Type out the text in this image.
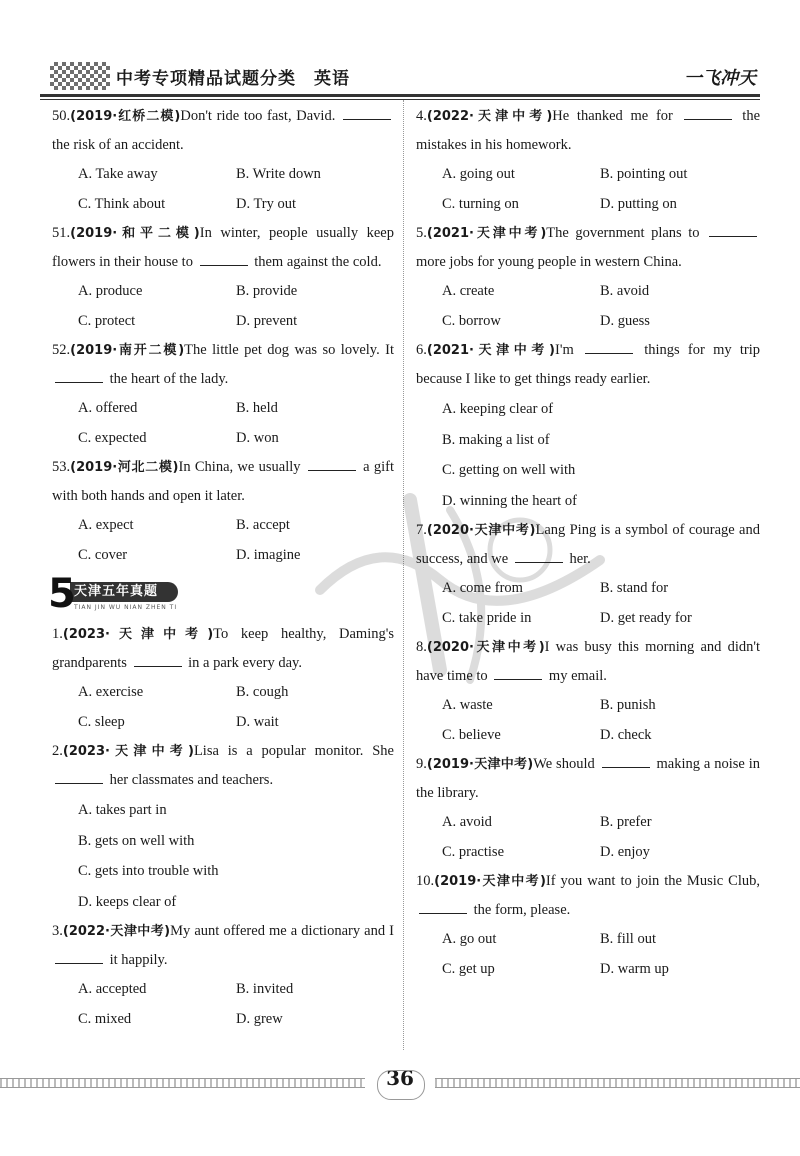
中考专项精品试题分类　英语	一飞冲天
50.(2019·红桥二模)Don't ride too fast, David.  the risk of an accident.
A. Take away	B. Write down
C. Think about	D. Try out
51.(2019·和平二模)In winter, people usually keep flowers in their house to	them against the cold.
A. produce	B. provide
C. protect	D. prevent
52.(2019·南开二模)The little pet dog was so lovely. It  the heart of the lady.
A. offered	B. held
C. expected	D. won
53.(2019·河北二模)In China, we usually	a gift with both hands and open it later.
A. expect	B. accept
C. cover	D. imagine
5
天津五年真题
TIAN JIN WU NIAN ZHEN TI
1.(2023·天津中考)To keep healthy, Daming's grandparents	in a park every day.
A. exercise	B. cough
C. sleep	D. wait
2.(2023·天津中考)Lisa is a popular monitor. She  her classmates and teachers.
A. takes part in
B. gets on well with
C. gets into trouble with
D. keeps clear of
3.(2022·天津中考)My aunt offered me a dictionary and I  it happily.
A. accepted	B. invited
C. mixed	D. grew
4.(2022·天津中考)He thanked me for	the mistakes in his homework.
A. going out	B. pointing out
C. turning on	D. putting on
5.(2021·天津中考)The government plans to  more jobs for young people in western China.
A. create	B. avoid
C. borrow	D. guess
6.(2021·天津中考)I'm	things for my trip because I like to get things ready earlier.
A. keeping clear of
B. making a list of
C. getting on well with
D. winning the heart of
7.(2020·天津中考)Lang Ping is a symbol of courage and success, and we	her.
A. come from	B. stand for
C. take pride in	D. get ready for
8.(2020·天津中考)I was busy this morning and didn't have time to	my email.
A. waste	B. punish
C. believe	D. check
9.(2019·天津中考)We should	making a noise in the library.
A. avoid	B. prefer
C. practise	D. enjoy
10.(2019·天津中考)If you want to join the Music Club,  the form, please.
A. go out	B. fill out
C. get up	D. warm up
36
